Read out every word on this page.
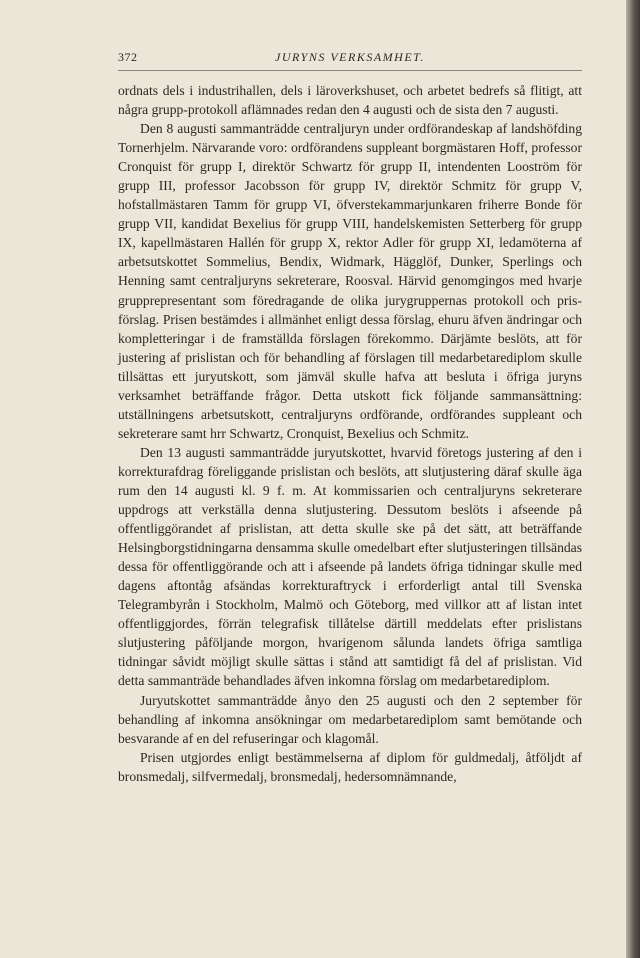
372	JURYNS VERKSAMHET.

ordnats dels i industrihallen, dels i läroverkshuset, och arbetet bedrefs så flitigt, att några grupp-protokoll aflämnades redan den 4 augusti och de sista den 7 augusti.

Den 8 augusti sammanträdde centraljuryn under ordförandeskap af landshöfding Tornerhjelm. Närvarande voro: ordförandens suppleant borgmästaren Hoff, professor Cronquist för grupp I, direktör Schwartz för grupp II, intendenten Looström för grupp III, professor Jacobsson för grupp IV, direktör Schmitz för grupp V, hofstallmästaren Tamm för grupp VI, öfverstekammarjunkaren friherre Bonde för grupp VII, kandidat Bexelius för grupp VIII, handelskemisten Setterberg för grupp IX, kapellmästaren Hallén för grupp X, rektor Adler för grupp XI, ledamöterna af arbetsutskottet Sommelius, Bendix, Widmark, Hägglöf, Dunker, Sperlings och Henning samt centraljuryns sekreterare, Roosval. Härvid genomgingos med hvarje grupprepresentant som föredragande de olika jurygruppernas protokoll och prisförslag. Prisen bestämdes i allmänhet enligt dessa förslag, ehuru äfven ändringar och kompletteringar i de framställda förslagen förekommo. Därjämte beslöts, att för justering af prislistan och för behandling af förslagen till medarbetarediplom skulle tillsättas ett juryutskott, som jämväl skulle hafva att besluta i öfriga juryns verksamhet beträffande frågor. Detta utskott fick följande sammansättning: utställningens arbetsutskott, centraljuryns ordförande, ordförandes suppleant och sekreterare samt hrr Schwartz, Cronquist, Bexelius och Schmitz.

Den 13 augusti sammanträdde juryutskottet, hvarvid företogs justering af den i korrekturafdrag föreliggande prislistan och beslöts, att slutjustering däraf skulle äga rum den 14 augusti kl. 9 f. m. At kommissarien och centraljuryns sekreterare uppdrogs att verkställa denna slutjustering. Dessutom beslöts i afseende på offentliggörandet af prislistan, att detta skulle ske på det sätt, att beträffande Helsingborgstidningarna densamma skulle omedelbart efter slutjusteringen tillsändas dessa för offentliggörande och att i afseende på landets öfriga tidningar skulle med dagens aftontåg afsändas korrekturaftryck i erforderligt antal till Svenska Telegrambyrån i Stockholm, Malmö och Göteborg, med villkor att af listan intet offentliggjordes, förrän telegrafisk tillåtelse därtill meddelats efter prislistans slutjustering påföljande morgon, hvarigenom sålunda landets öfriga samtliga tidningar såvidt möjligt skulle sättas i stånd att samtidigt få del af prislistan. Vid detta sammanträde behandlades äfven inkomna förslag om medarbetarediplom.

Juryutskottet sammanträdde ånyo den 25 augusti och den 2 september för behandling af inkomna ansökningar om medarbetarediplom samt bemötande och besvarande af en del refuseringar och klagomål.

Prisen utgjordes enligt bestämmelserna af diplom för guldmedalj, åtföljdt af bronsmedalj, silfvermedalj, bronsmedalj, hedersomnämnande,
